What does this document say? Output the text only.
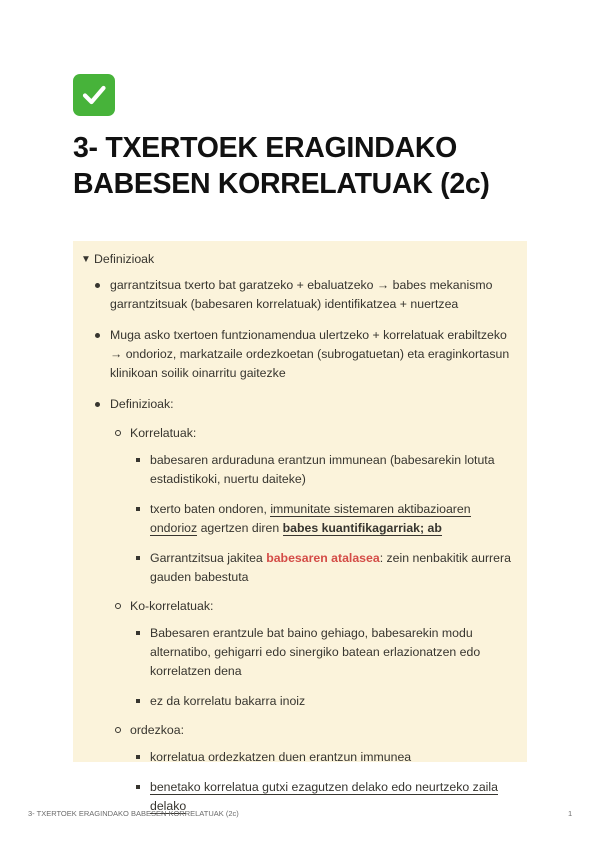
3- TXERTOEK ERAGINDAKO BABESEN KORRELATUAK (2c)
▼ Definizioak
garrantzitsua txerto bat garatzeko + ebaluatzeko → babes mekanismo garrantzitsuak (babesaren korrelatuak) identifikatzea + nuertzea
Muga asko txertoen funtzionamendua ulertzeko + korrelatuak erabiltzeko → ondorioz, markatzaile ordezkoetan (subrogatuetan) eta eraginkortasun klinikoan soilik oinarritu gaitezke
Definizioak:
Korrelatuak:
babesaren arduraduna erantzun immunean (babesarekin lotuta estadistikoki, nuertu daiteke)
txerto baten ondoren, immunitate sistemaren aktibazioaren ondorioz agertzen diren babes kuantifikagarriak; ab
Garrantzitsua jakitea babesaren atalasea: zein nenbakitik aurrera gauden babestuta
Ko-korrelatuak:
Babesaren erantzule bat baino gehiago, babesarekin modu alternatibo, gehigarri edo sinergiko batean erlazionatzen edo korrelatzen dena
ez da korrelatu bakarra inoiz
ordezkoa:
korrelatua ordezkatzen duen erantzun immunea
benetako korrelatua gutxi ezagutzen delako edo neurtzeko zaila delako
3- TXERTOEK ERAGINDAKO BABESEN KORRELATUAK (2c)	1
